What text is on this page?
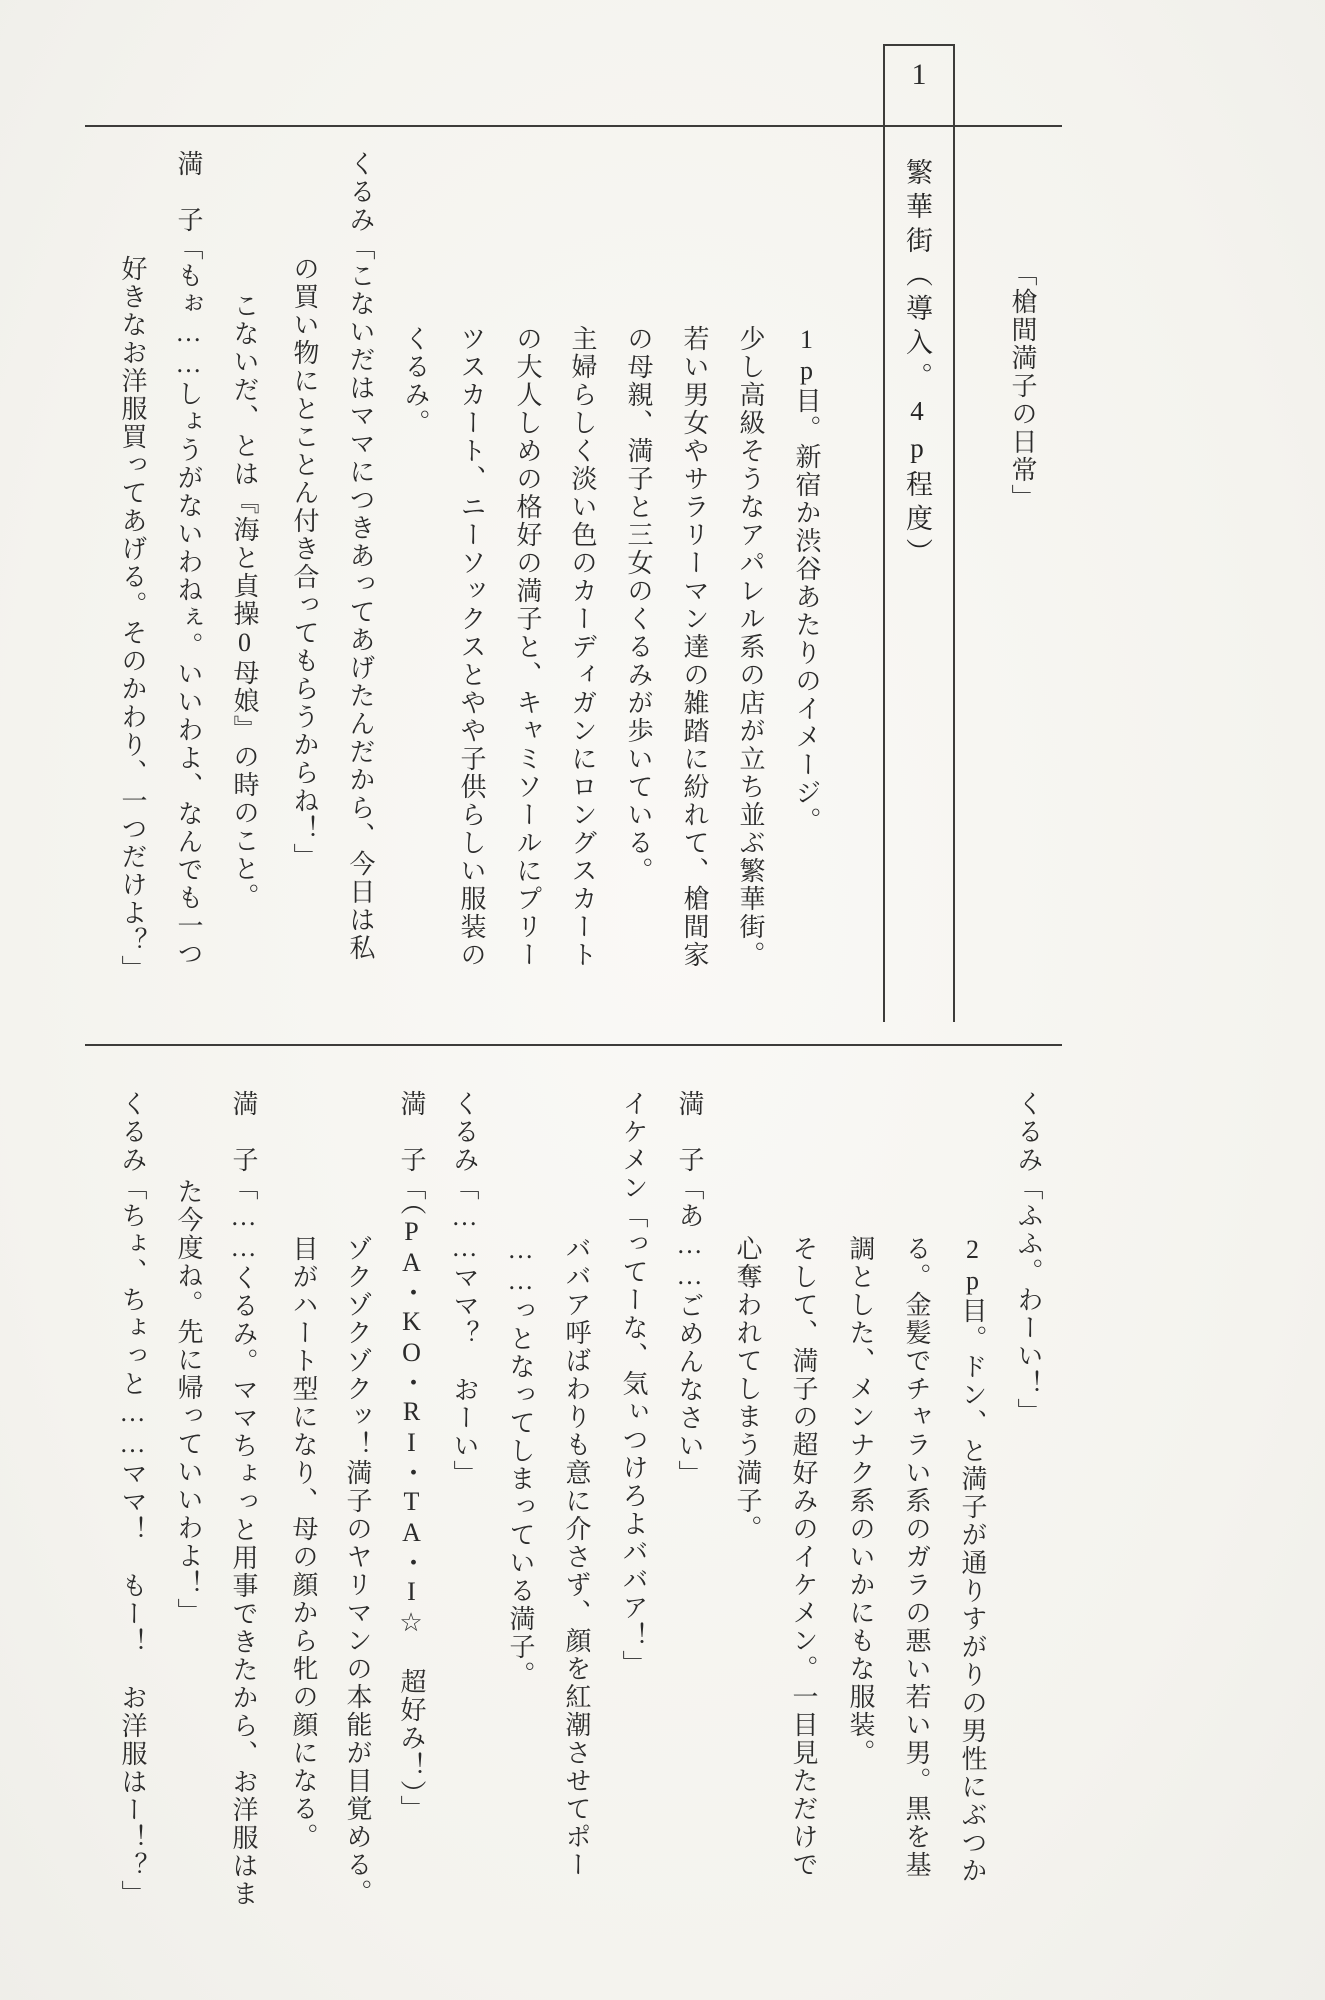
1
繁華街（導入。4p程度）	「槍間満子の日常」
1p目。新宿か渋谷あたりのイメージ。
少し高級そうなアパレル系の店が立ち並ぶ繁華街。
若い男女やサラリーマン達の雑踏に紛れて、槍間家
の母親、満子と三女のくるみが歩いている。
主婦らしく淡い色のカーディガンにロングスカート
の大人しめの格好の満子と、キャミソールにプリー
ツスカート、ニーソックスとやや子供らしい服装の
くるみ。
くるみ「こないだはママにつきあってあげたんだから、今日は私
の買い物にとことん付き合ってもらうからね！」
こないだ、とは『海と貞操0母娘』の時のこと。
満　子「もぉ……しょうがないわねぇ。いいわよ、なんでも一つ
好きなお洋服買ってあげる。そのかわり、一つだけよ？」
くるみ「ふふ。わーい！」
2p目。ドン、と満子が通りすがりの男性にぶつか
る。金髪でチャラい系のガラの悪い若い男。黒を基
調とした、メンナク系のいかにもな服装。
そして、満子の超好みのイケメン。一目見ただけで
心奪われてしまう満子。
満　子「あ……ごめんなさい」
イケメン「ってーな、気ぃつけろよババア！」
ババア呼ばわりも意に介さず、顔を紅潮させてポー
……っとなってしまっている満子。
くるみ「……ママ？　おーい」
満　子「（PA・KO・RI・TA・I☆　超好み！）」
ゾクゾクゾクッ！満子のヤリマンの本能が目覚める。
目がハート型になり、母の顔から牝の顔になる。
満　子「……くるみ。ママちょっと用事できたから、お洋服はま
た今度ね。先に帰っていいわよ！」
くるみ「ちょ、ちょっと……ママ！　もー！　お洋服はー！？」
